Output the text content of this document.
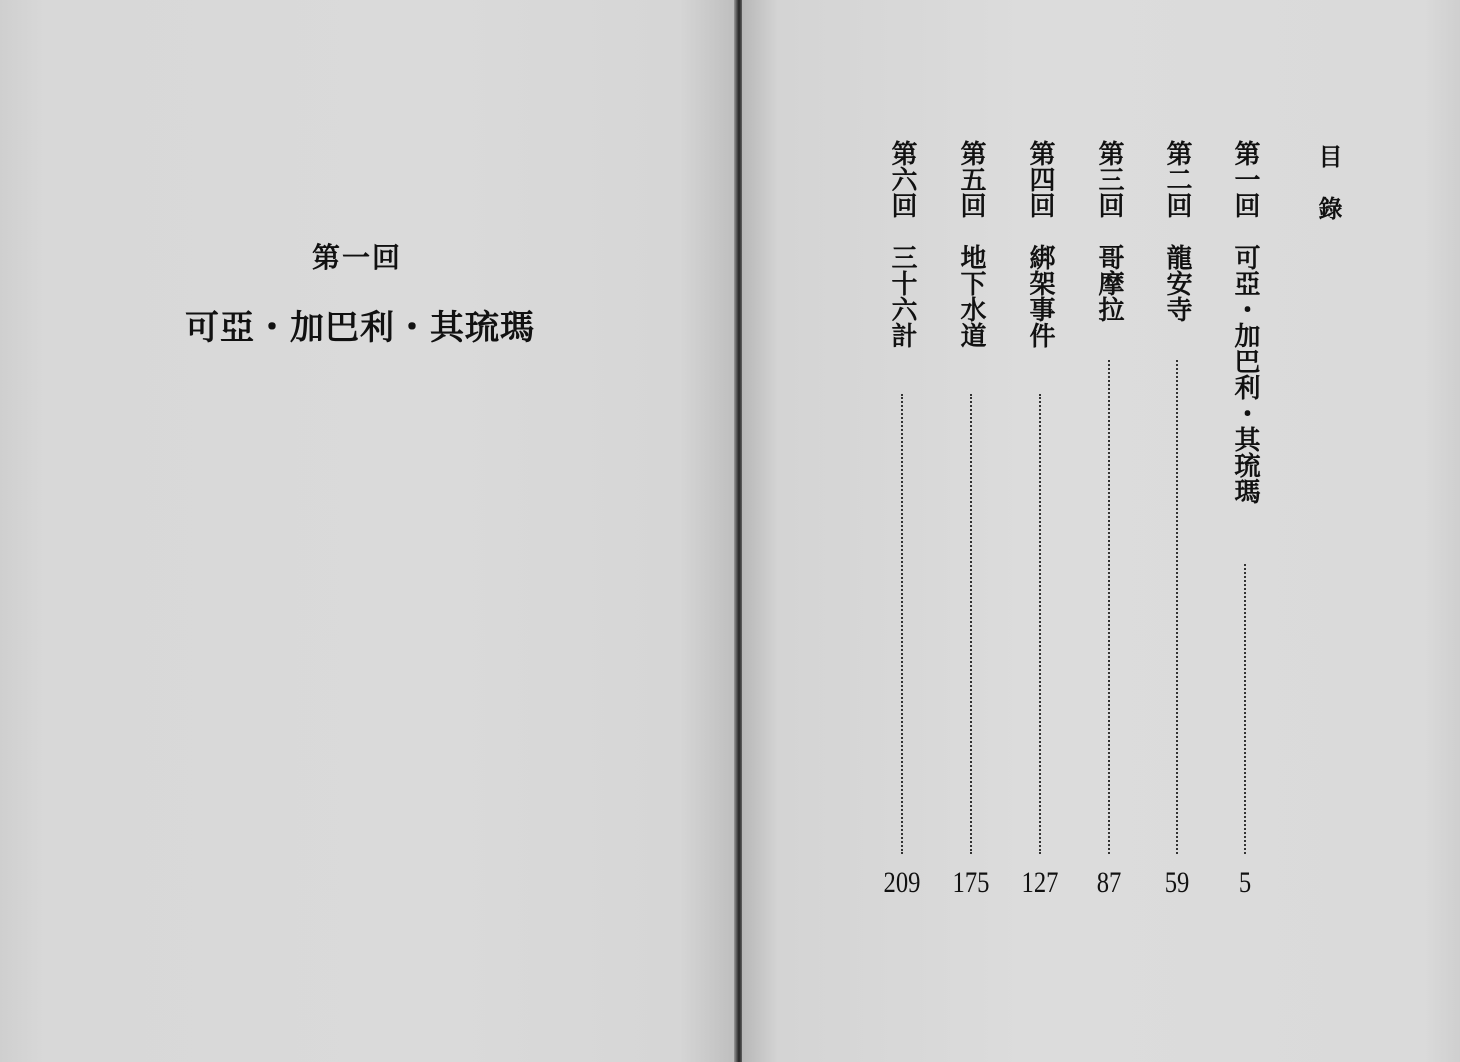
第一回
可亞・加巴利・其琉瑪
目錄
第一回　可亞・加巴利・其琉瑪
5
第二回　龍安寺
59
第三回　哥摩拉
87
第四回　綁架事件
127
第五回　地下水道
175
第六回　三十六計
209
